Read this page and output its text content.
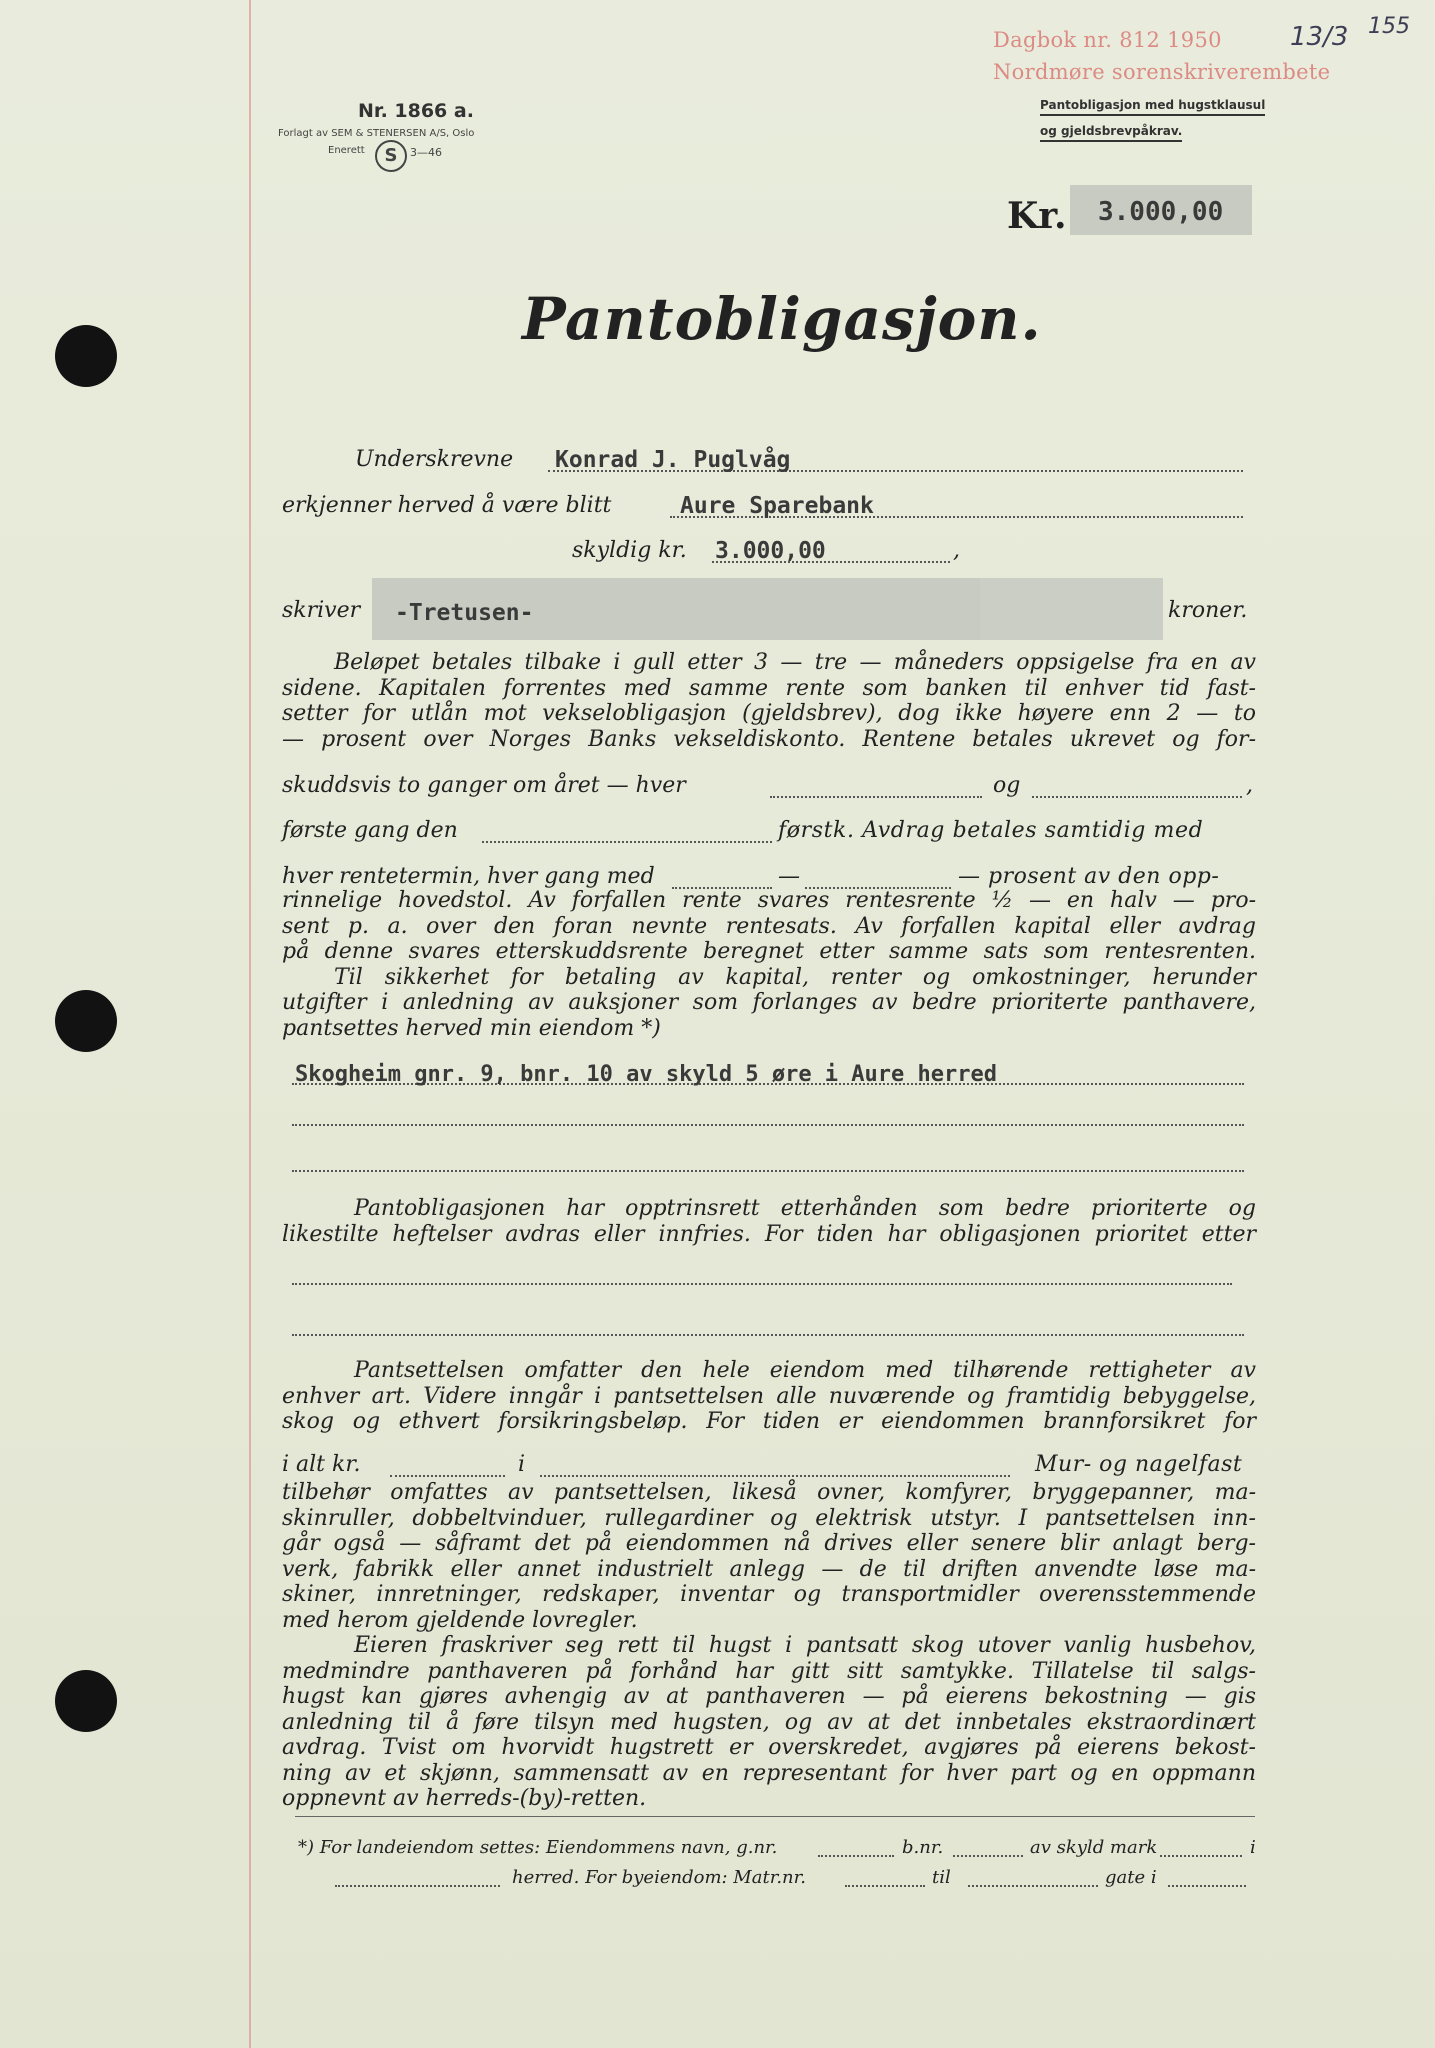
Dagbok nr. 812 1950
Nordmøre sorenskriverembete
13/3 155
Nr. 1866 a.
Forlagt av SEM & STENERSEN A/S, Oslo
Enerett	S	3—46
Pantobligasjon med hugstklausul
og gjeldsbrevpåkrav.
Kr. 3.000,00
Pantobligasjon.
Underskrevne Konrad J. Puglvåg
erkjenner herved å være blitt	Aure Sparebank
skyldig kr. 3.000,00	,
skriver -Tretusen-	kroner.
Beløpet betales tilbake i gull etter 3 — tre — måneders oppsigelse fra en av
sidene. Kapitalen forrentes med samme rente som banken til enhver tid fast-
setter for utlån mot vekselobligasjon (gjeldsbrev), dog ikke høyere enn 2 — to
— prosent over Norges Banks vekseldiskonto. Rentene betales ukrevet og for-
skuddsvis to ganger om året — hver	og	,
første gang den	førstk. Avdrag betales samtidig med
hver rentetermin, hver gang med	—	— prosent av den opp-
rinnelige hovedstol. Av forfallen rente svares rentesrente ½ — en halv — pro-
sent p. a. over den foran nevnte rentesats. Av forfallen kapital eller avdrag
på denne svares etterskuddsrente beregnet etter samme sats som rentesrenten.
Til sikkerhet for betaling av kapital, renter og omkostninger, herunder
utgifter i anledning av auksjoner som forlanges av bedre prioriterte panthavere,
pantsettes herved min eiendom *)
Skogheim gnr. 9, bnr. 10 av skyld 5 øre i Aure herred
Pantobligasjonen har opptrinsrett etterhånden som bedre prioriterte og
likestilte heftelser avdras eller innfries. For tiden har obligasjonen prioritet etter
Pantsettelsen omfatter den hele eiendom med tilhørende rettigheter av
enhver art. Videre inngår i pantsettelsen alle nuværende og framtidig bebyggelse,
skog og ethvert forsikringsbeløp. For tiden er eiendommen brannforsikret for
i alt kr.	i	Mur- og nagelfast
tilbehør omfattes av pantsettelsen, likeså ovner, komfyrer, bryggepanner, ma-
skinruller, dobbeltvinduer, rullegardiner og elektrisk utstyr. I pantsettelsen inn-
går også — såframt det på eiendommen nå drives eller senere blir anlagt berg-
verk, fabrikk eller annet industrielt anlegg — de til driften anvendte løse ma-
skiner, innretninger, redskaper, inventar og transportmidler overensstemmende
med herom gjeldende lovregler.
Eieren fraskriver seg rett til hugst i pantsatt skog utover vanlig husbehov,
medmindre panthaveren på forhånd har gitt sitt samtykke. Tillatelse til salgs-
hugst kan gjøres avhengig av at panthaveren — på eierens bekostning — gis
anledning til å føre tilsyn med hugsten, og av at det innbetales ekstraordinært
avdrag. Tvist om hvorvidt hugstrett er overskredet, avgjøres på eierens bekost-
ning av et skjønn, sammensatt av en representant for hver part og en oppmann
oppnevnt av herreds-(by)-retten.
*) For landeiendom settes: Eiendommens navn, g.nr.	b.nr.	av skyld mark	i
herred. For byeiendom: Matr.nr.	til	gate i
